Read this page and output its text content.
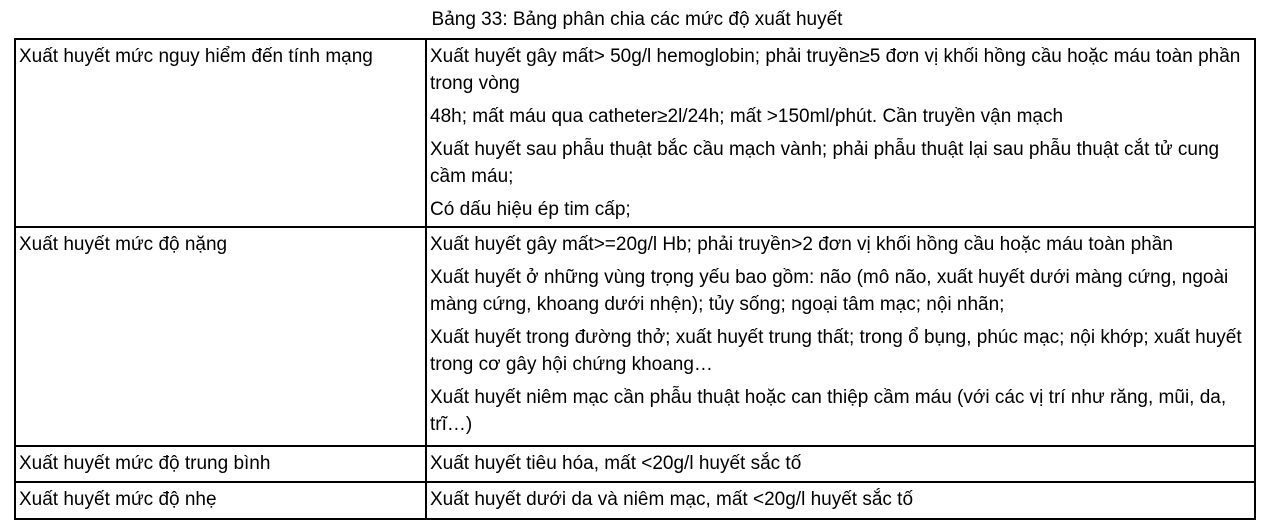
Bảng 33: Bảng phân chia các mức độ xuất huyết
Xuất huyết mức nguy hiểm đến tính mạng	Xuất huyết gây mất> 50g/l hemoglobin; phải truyền≥5 đơn vị khối hồng cầu hoặc máu toàn phần trong vòng

48h; mất máu qua catheter≥2l/24h; mất >150ml/phút. Cần truyền vận mạch

Xuất huyết sau phẫu thuật bắc cầu mạch vành; phải phẫu thuật lại sau phẫu thuật cắt tử cung cầm máu;

Có dấu hiệu ép tim cấp;

Xuất huyết mức độ nặng	Xuất huyết gây mất>=20g/l Hb; phải truyền>2 đơn vị khối hồng cầu hoặc máu toàn phần

Xuất huyết ở những vùng trọng yếu bao gồm: não (mô não, xuất huyết dưới màng cứng, ngoài màng cứng, khoang dưới nhện); tủy sống; ngoại tâm mạc; nội nhãn;

Xuất huyết trong đường thở; xuất huyết trung thất; trong ổ bụng, phúc mạc; nội khớp; xuất huyết trong cơ gây hội chứng khoang…

Xuất huyết niêm mạc cần phẫu thuật hoặc can thiệp cầm máu (với các vị trí như răng, mũi, da, trĩ…)

Xuất huyết mức độ trung bình	Xuất huyết tiêu hóa, mất <20g/l huyết sắc tố

Xuất huyết mức độ nhẹ	Xuất huyết dưới da và niêm mạc, mất <20g/l huyết sắc tố
